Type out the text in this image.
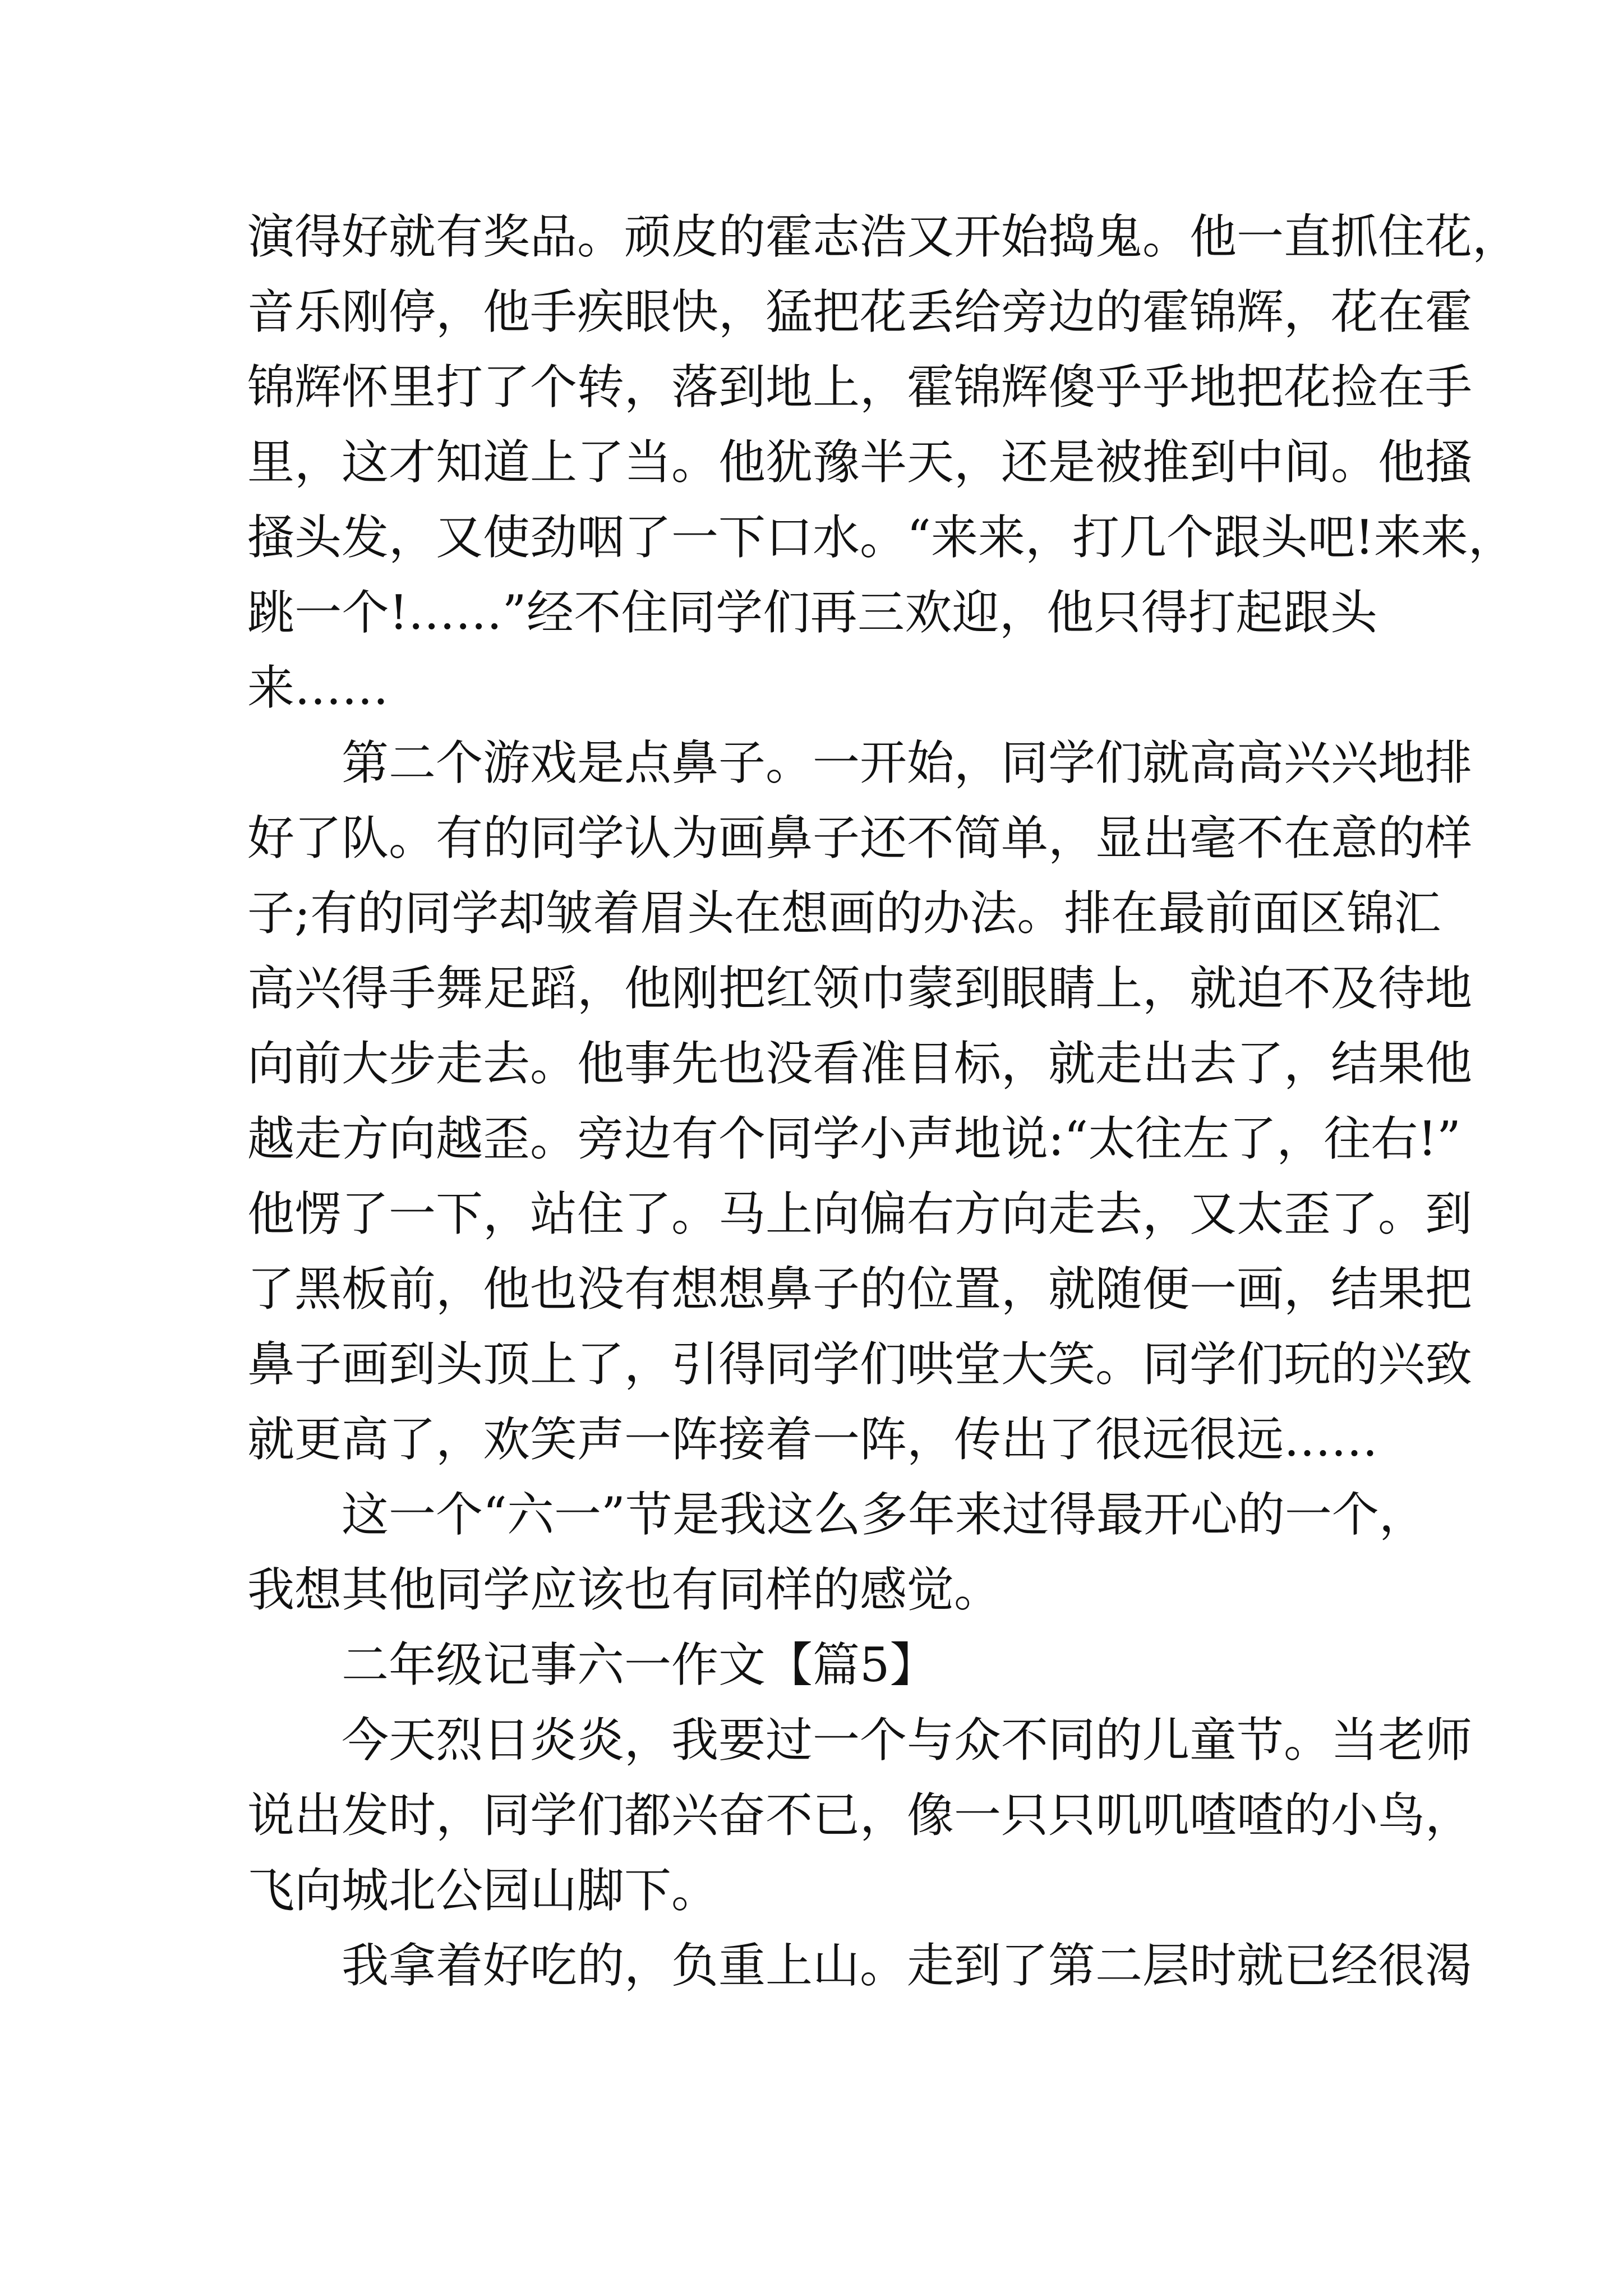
演得好就有奖品。顽皮的霍志浩又开始捣鬼。他一直抓住花，
音乐刚停，他手疾眼快，猛把花丢给旁边的霍锦辉，花在霍
锦辉怀里打了个转，落到地上，霍锦辉傻乎乎地把花捡在手
里，这才知道上了当。他犹豫半天，还是被推到中间。他搔
搔头发，又使劲咽了一下口水。“来来，打几个跟头吧!来来，
跳一个!……”经不住同学们再三欢迎，他只得打起跟头
来……
第二个游戏是点鼻子。一开始，同学们就高高兴兴地排
好了队。有的同学认为画鼻子还不简单，显出毫不在意的样
子;有的同学却皱着眉头在想画的办法。排在最前面区锦汇
高兴得手舞足蹈，他刚把红领巾蒙到眼睛上，就迫不及待地
向前大步走去。他事先也没看准目标，就走出去了，结果他
越走方向越歪。旁边有个同学小声地说:“太往左了，往右!”
他愣了一下，站住了。马上向偏右方向走去，又太歪了。到
了黑板前，他也没有想想鼻子的位置，就随便一画，结果把
鼻子画到头顶上了，引得同学们哄堂大笑。同学们玩的兴致
就更高了，欢笑声一阵接着一阵，传出了很远很远……
这一个“六一”节是我这么多年来过得最开心的一个，
我想其他同学应该也有同样的感觉。
二年级记事六一作文【篇5】
今天烈日炎炎，我要过一个与众不同的儿童节。当老师
说出发时，同学们都兴奋不已，像一只只叽叽喳喳的小鸟，
飞向城北公园山脚下。
我拿着好吃的，负重上山。走到了第二层时就已经很渴
